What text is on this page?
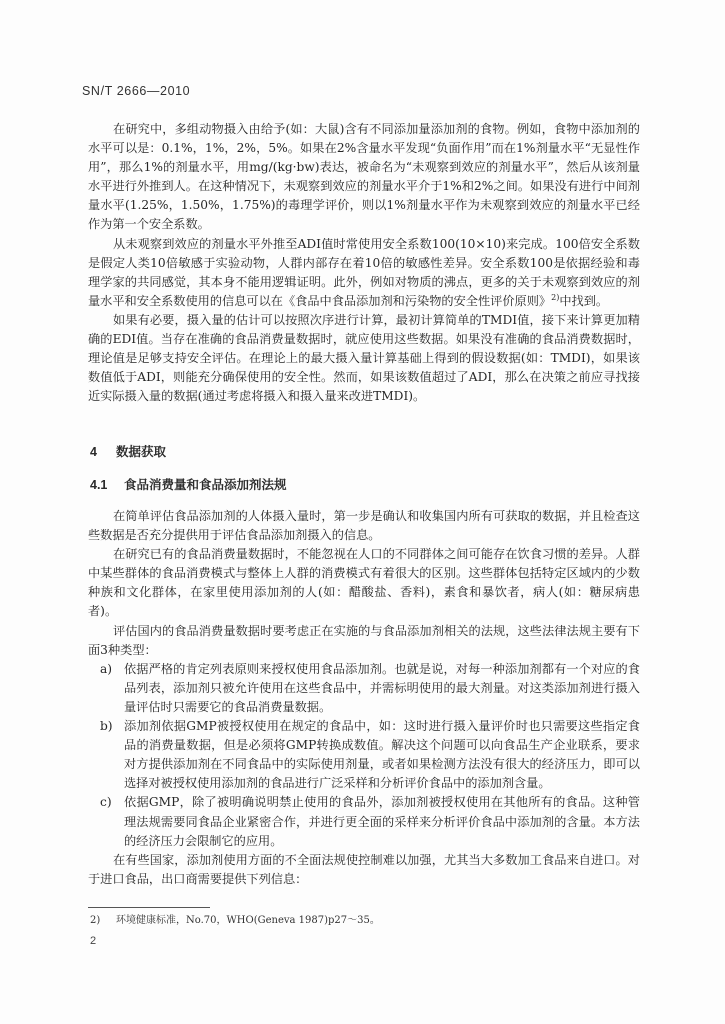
SN/T 2666—2010

在研究中，多组动物摄入由给予(如：大鼠)含有不同添加量添加剂的食物。例如，食物中添加剂的水平可以是：0.1%，1%，2%，5%。如果在2%含量水平发现“负面作用”而在1%剂量水平“无显性作用”，那么1%的剂量水平，用mg/(kg·bw)表达，被命名为“未观察到效应的剂量水平”，然后从该剂量水平进行外推到人。在这种情况下，未观察到效应的剂量水平介于1%和2%之间。如果没有进行中间剂量水平(1.25%，1.50%，1.75%)的毒理学评价，则以1%剂量水平作为未观察到效应的剂量水平已经作为第一个安全系数。

从未观察到效应的剂量水平外推至ADI值时常使用安全系数100(10×10)来完成。100倍安全系数是假定人类10倍敏感于实验动物，人群内部存在着10倍的敏感性差异。安全系数100是依据经验和毒理学家的共同感觉，其本身不能用逻辑证明。此外，例如对物质的沸点，更多的关于未观察到效应的剂量水平和安全系数使用的信息可以在《食品中食品添加剂和污染物的安全性评价原则》$^{2)}$中找到。

如果有必要，摄入量的估计可以按照次序进行计算，最初计算简单的TMDI值，接下来计算更加精确的EDI值。当存在准确的食品消费量数据时，就应使用这些数据。如果没有准确的食品消费数据时，理论值是足够支持安全评估。在理论上的最大摄入量计算基础上得到的假设数据(如：TMDI)，如果该数值低于ADI，则能充分确保使用的安全性。然而，如果该数值超过了ADI，那么在决策之前应寻找接近实际摄入量的数据(通过考虑将摄入和摄入量来改进TMDI)。

4 数据获取
4.1 食品消费量和食品添加剂法规

在简单评估食品添加剂的人体摄入量时，第一步是确认和收集国内所有可获取的数据，并且检查这些数据是否充分提供用于评估食品添加剂摄入的信息。

在研究已有的食品消费量数据时，不能忽视在人口的不同群体之间可能存在饮食习惯的差异。人群中某些群体的食品消费模式与整体上人群的消费模式有着很大的区别。这些群体包括特定区域内的少数种族和文化群体，在家里使用添加剂的人(如：醋酸盐、香料)，素食和暴饮者，病人(如：糖尿病患者)。

评估国内的食品消费量数据时要考虑正在实施的与食品添加剂相关的法规，这些法律法规主要有下面3种类型：

a) 依据严格的肯定列表原则来授权使用食品添加剂。也就是说，对每一种添加剂都有一个对应的食品列表，添加剂只被允许使用在这些食品中，并需标明使用的最大剂量。对这类添加剂进行摄入量评估时只需要它的食品消费量数据。
b) 添加剂依据GMP被授权使用在规定的食品中，如：这时进行摄入量评价时也只需要这些指定食品的消费量数据，但是必须将GMP转换成数值。解决这个问题可以向食品生产企业联系，要求对方提供添加剂在不同食品中的实际使用剂量，或者如果检测方法没有很大的经济压力，即可以选择对被授权使用添加剂的食品进行广泛采样和分析评价食品中的添加剂含量。
c)	依据GMP，除了被明确说明禁止使用的食品外，添加剂被授权使用在其他所有的食品。这种管理法规需要同食品企业紧密合作，并进行更全面的采样来分析评价食品中添加剂的含量。本方法的经济压力会限制它的应用。

在有些国家，添加剂使用方面的不全面法规使控制难以加强，尤其当大多数加工食品来自进口。对于进口食品，出口商需要提供下列信息：

2) 环境健康标准，No.70，WHO(Geneva 1987)p27～35。
2
